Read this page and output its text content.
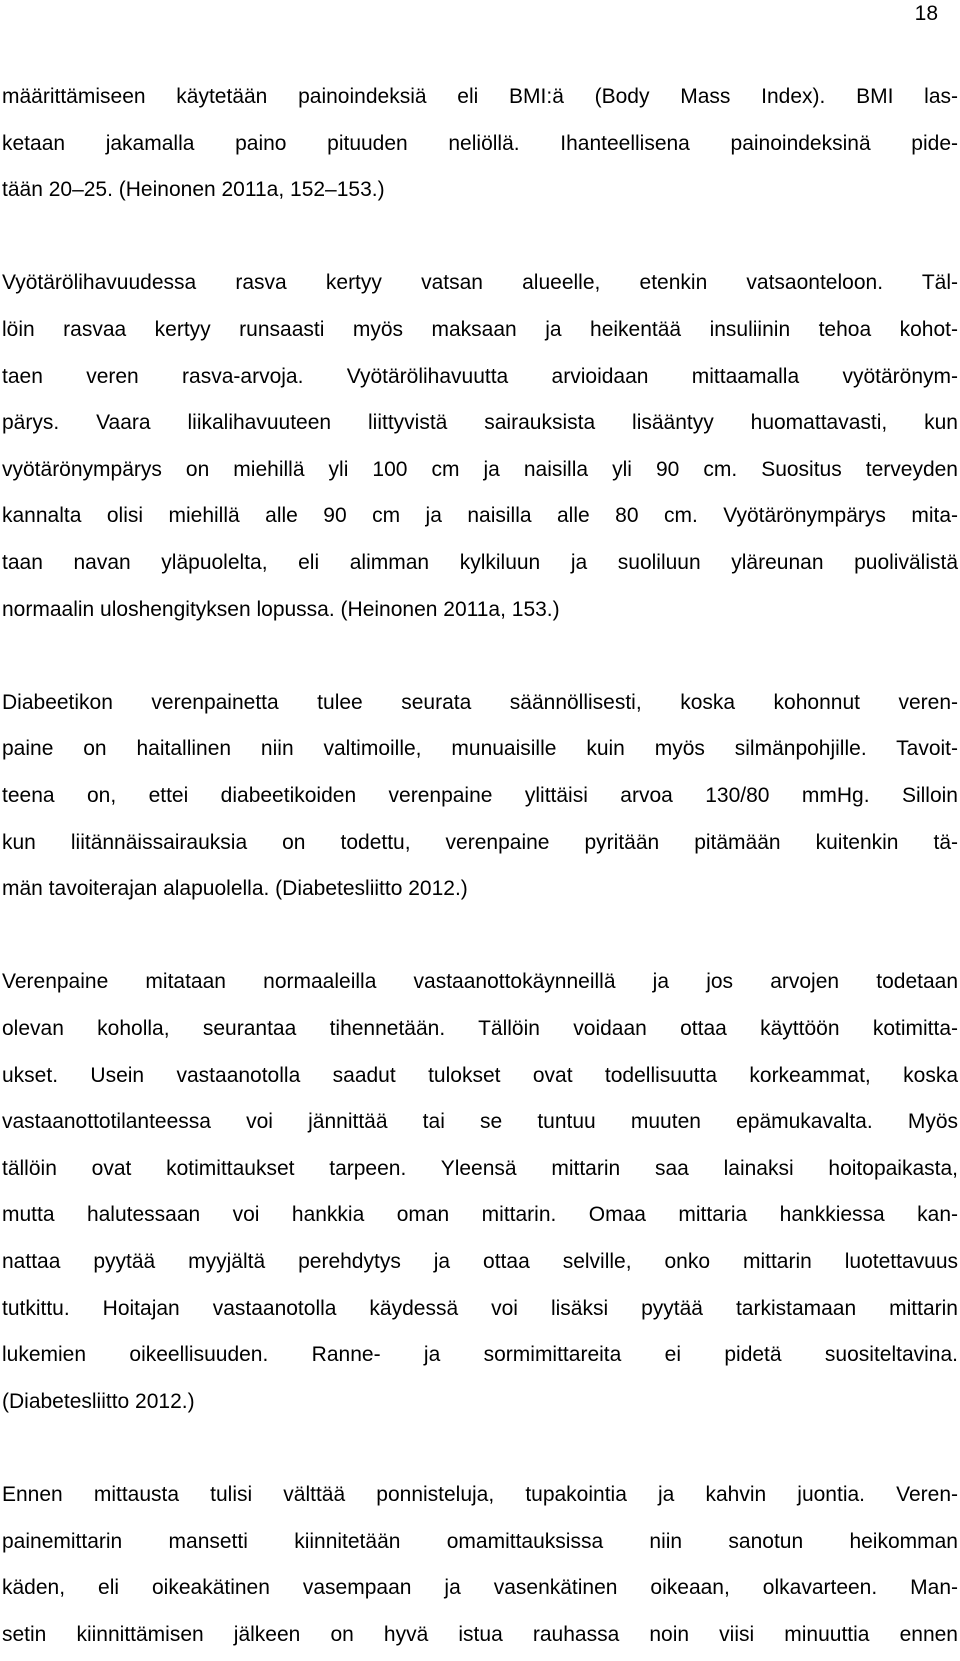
18
määrittämiseen käytetään painoindeksiä eli BMI:ä (Body Mass Index). BMI las-
ketaan jakamalla paino pituuden neliöllä. Ihanteellisena painoindeksinä pide-
tään 20–25. (Heinonen 2011a, 152–153.)
Vyötärölihavuudessa rasva kertyy vatsan alueelle, etenkin vatsaonteloon. Täl-
löin rasvaa kertyy runsaasti myös maksaan ja heikentää insuliinin tehoa kohot-
taen veren rasva-arvoja. Vyötärölihavuutta arvioidaan mittaamalla vyötärönym-
pärys. Vaara liikalihavuuteen liittyvistä sairauksista lisääntyy huomattavasti, kun
vyötärönympärys on miehillä yli 100 cm ja naisilla yli 90 cm. Suositus terveyden
kannalta olisi miehillä alle 90 cm ja naisilla alle 80 cm. Vyötärönympärys mita-
taan navan yläpuolelta, eli alimman kylkiluun ja suoliluun yläreunan puolivälistä
normaalin uloshengityksen lopussa. (Heinonen 2011a, 153.)
Diabeetikon verenpainetta tulee seurata säännöllisesti, koska kohonnut veren-
paine on haitallinen niin valtimoille, munuaisille kuin myös silmänpohjille. Tavoit-
teena on, ettei diabeetikoiden verenpaine ylittäisi arvoa 130/80 mmHg. Silloin
kun liitännäissairauksia on todettu, verenpaine pyritään pitämään kuitenkin tä-
män tavoiterajan alapuolella. (Diabetesliitto 2012.)
Verenpaine mitataan normaaleilla vastaanottokäynneillä ja jos arvojen todetaan
olevan koholla, seurantaa tihennetään. Tällöin voidaan ottaa käyttöön kotimitta-
ukset. Usein vastaanotolla saadut tulokset ovat todellisuutta korkeammat, koska
vastaanottotilanteessa voi jännittää tai se tuntuu muuten epämukavalta. Myös
tällöin ovat kotimittaukset tarpeen. Yleensä mittarin saa lainaksi hoitopaikasta,
mutta halutessaan voi hankkia oman mittarin. Omaa mittaria hankkiessa kan-
nattaa pyytää myyjältä perehdytys ja ottaa selville, onko mittarin luotettavuus
tutkittu. Hoitajan vastaanotolla käydessä voi lisäksi pyytää tarkistamaan mittarin
lukemien oikeellisuuden. Ranne- ja sormimittareita ei pidetä suositeltavina.
(Diabetesliitto 2012.)
Ennen mittausta tulisi välttää ponnisteluja, tupakointia ja kahvin juontia. Veren-
painemittarin mansetti kiinnitetään omamittauksissa niin sanotun heikomman
käden, eli oikeakätinen vasempaan ja vasenkätinen oikeaan, olkavarteen. Man-
setin kiinnittämisen jälkeen on hyvä istua rauhassa noin viisi minuuttia ennen
